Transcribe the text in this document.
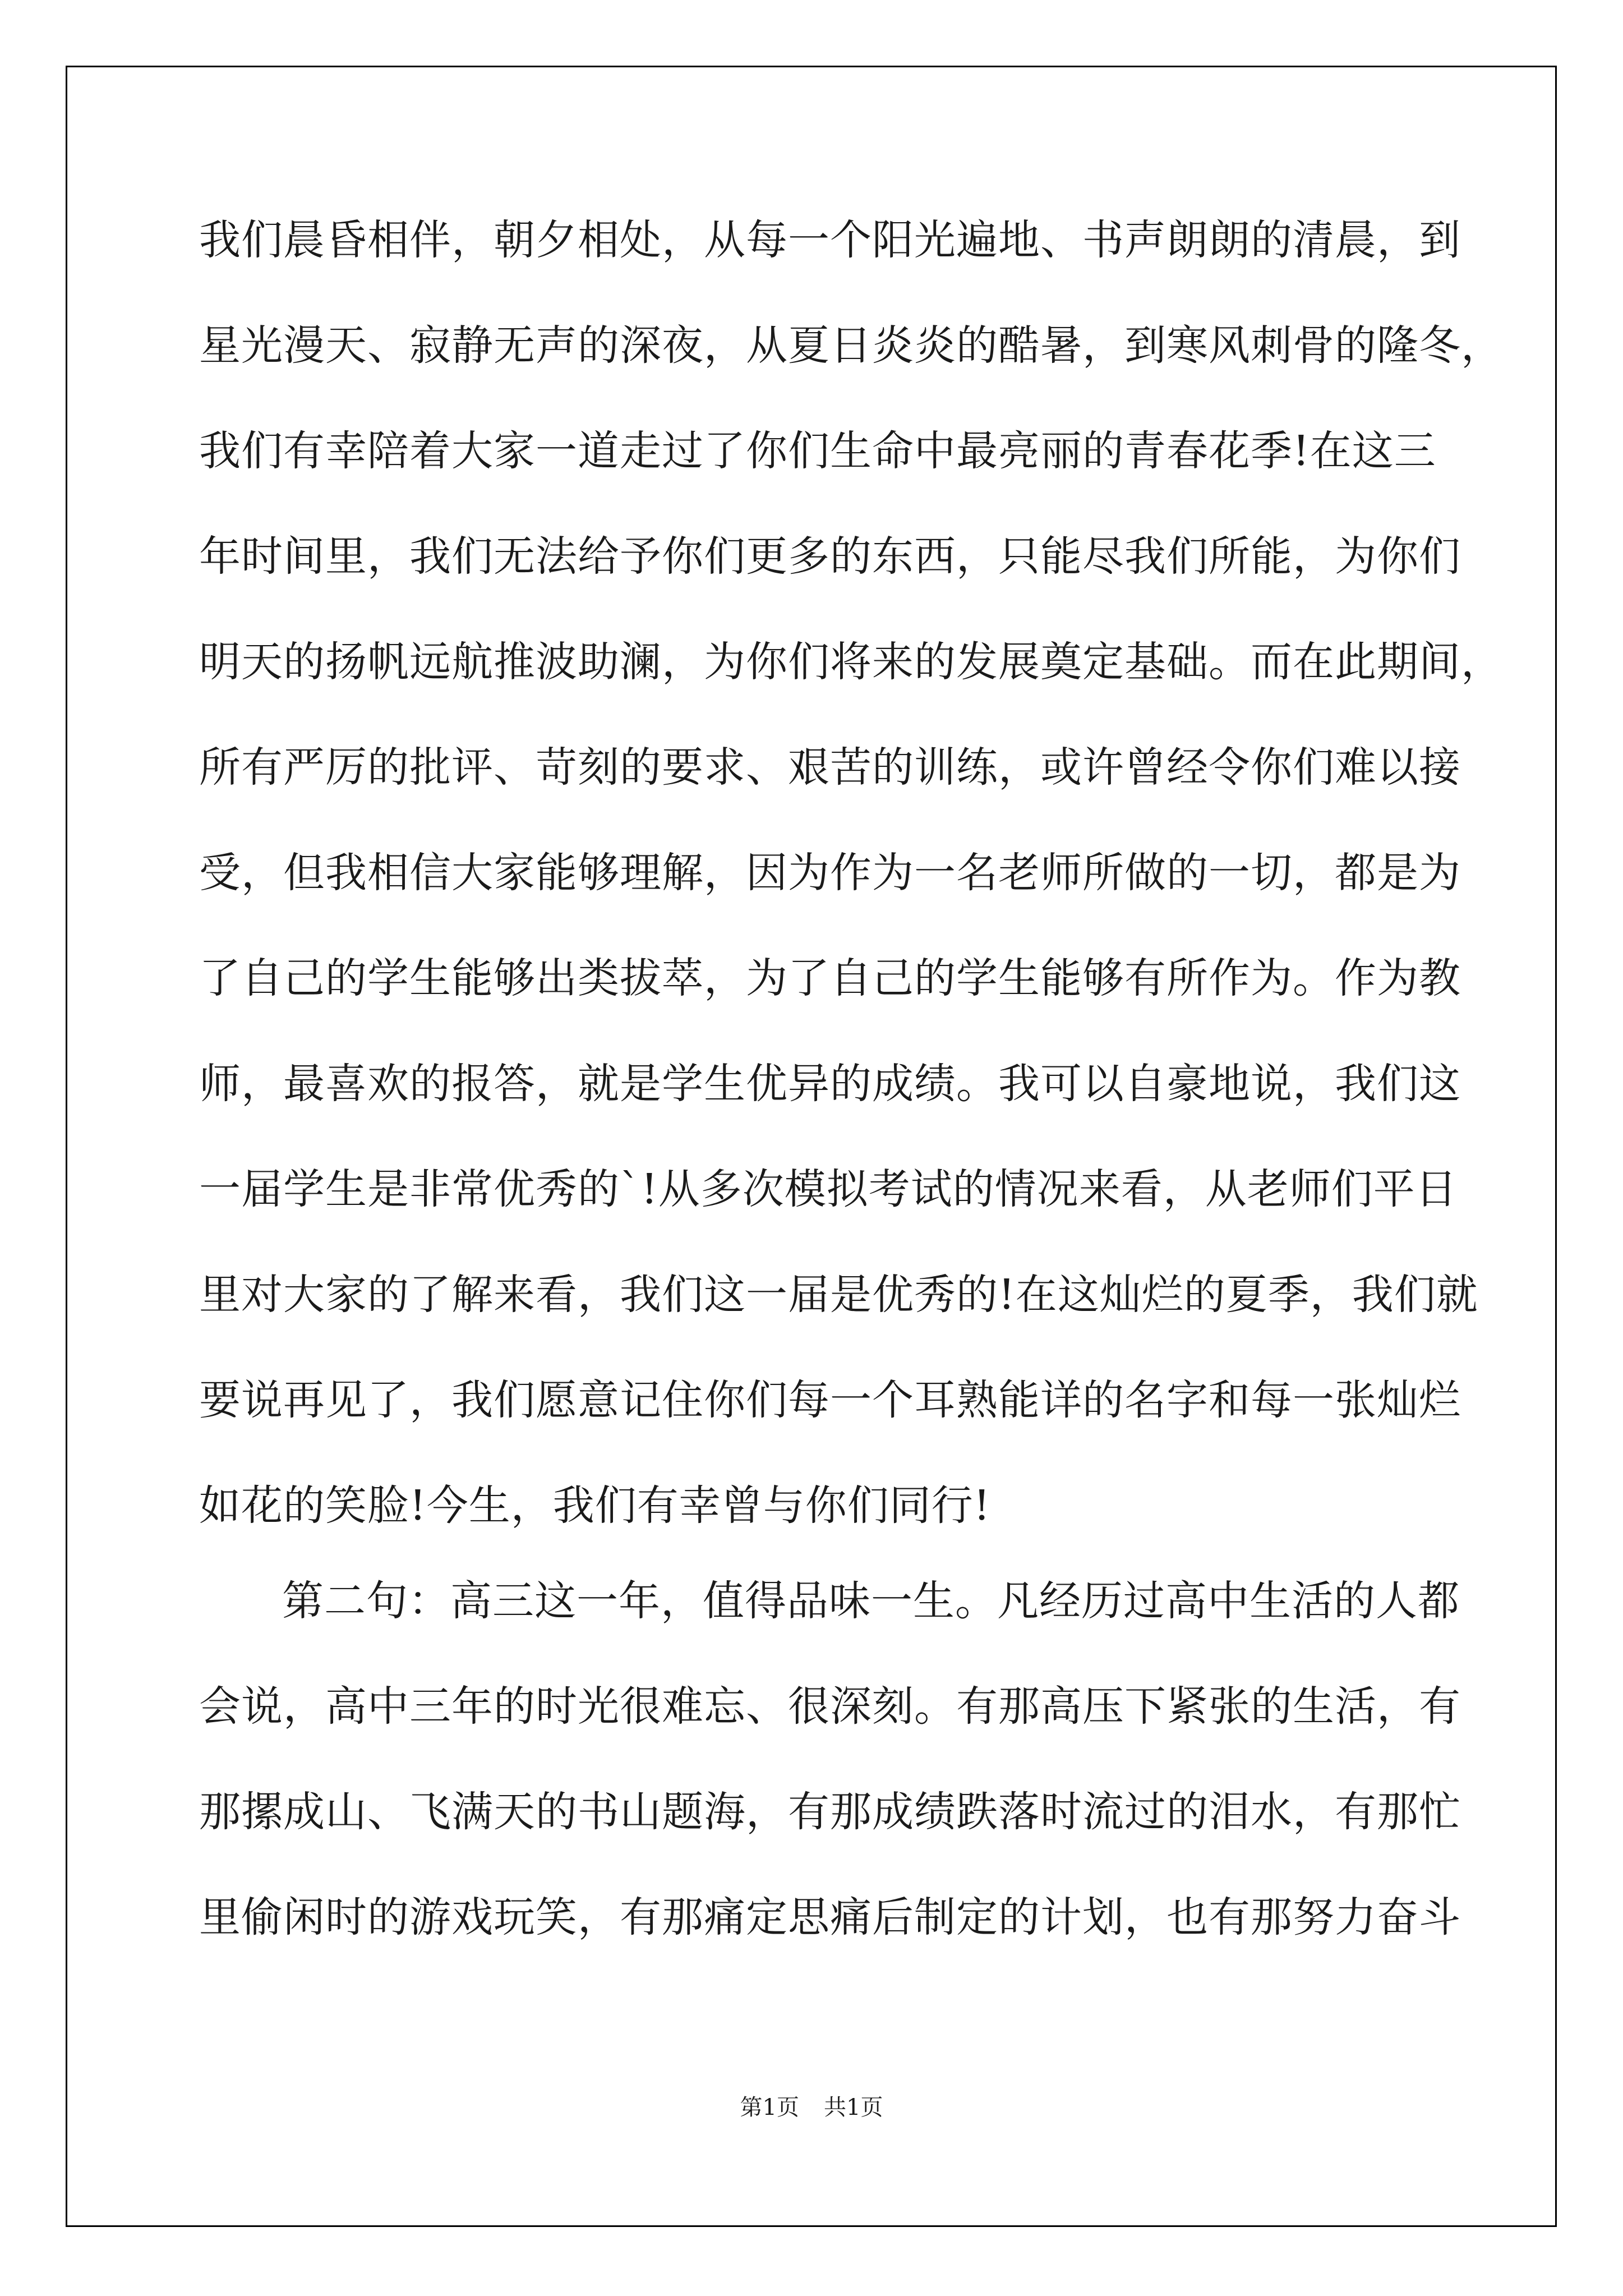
我们晨昏相伴，朝夕相处，从每一个阳光遍地、书声朗朗的清晨，到
星光漫天、寂静无声的深夜，从夏日炎炎的酷暑，到寒风刺骨的隆冬，
我们有幸陪着大家一道走过了你们生命中最亮丽的青春花季!在这三
年时间里，我们无法给予你们更多的东西，只能尽我们所能，为你们
明天的扬帆远航推波助澜，为你们将来的发展奠定基础。而在此期间，
所有严厉的批评、苛刻的要求、艰苦的训练，或许曾经令你们难以接
受，但我相信大家能够理解，因为作为一名老师所做的一切，都是为
了自己的学生能够出类拔萃，为了自己的学生能够有所作为。作为教
师，最喜欢的报答，就是学生优异的成绩。我可以自豪地说，我们这
一届学生是非常优秀的`!从多次模拟考试的情况来看，从老师们平日
里对大家的了解来看，我们这一届是优秀的!在这灿烂的夏季，我们就
要说再见了，我们愿意记住你们每一个耳熟能详的名字和每一张灿烂
如花的笑脸!今生，我们有幸曾与你们同行!
第二句：高三这一年，值得品味一生。凡经历过高中生活的人都
会说，高中三年的时光很难忘、很深刻。有那高压下紧张的生活，有
那摞成山、飞满天的书山题海，有那成绩跌落时流过的泪水，有那忙
里偷闲时的游戏玩笑，有那痛定思痛后制定的计划，也有那努力奋斗
第1页 共1页
